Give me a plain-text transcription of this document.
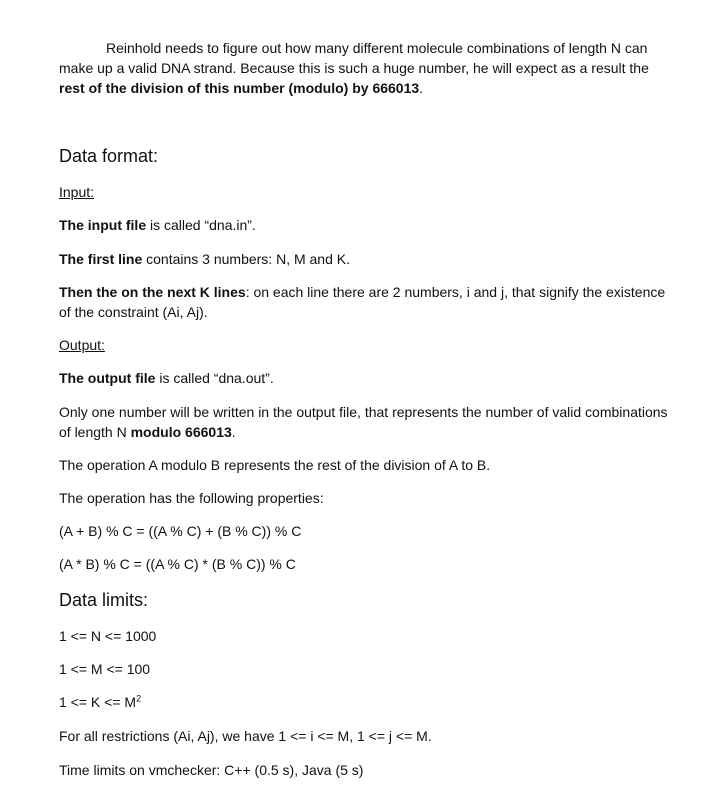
Reinhold needs to figure out how many different molecule combinations of length N can make up a valid DNA strand. Because this is such a huge number, he will expect as a result the rest of the division of this number (modulo) by 666013.

Data format:

Input:

The input file is called “dna.in”.

The first line contains 3 numbers: N, M and K.

Then the on the next K lines: on each line there are 2 numbers, i and j, that signify the existence of the constraint (Ai, Aj).

Output:

The output file is called “dna.out”.

Only one number will be written in the output file, that represents the number of valid combinations of length N modulo 666013.

The operation A modulo B represents the rest of the division of A to B.

The operation has the following properties:

(A + B) % C = ((A % C) + (B % C)) % C

(A * B) % C = ((A % C) * (B % C)) % C

Data limits:

1 <= N <= 1000

1 <= M <= 100

$1 <= K <= M^2$

For all restrictions (Ai, Aj), we have 1 <= i <= M, 1 <= j <= M.

Time limits on vmchecker: C++ (0.5 s), Java (5 s)
